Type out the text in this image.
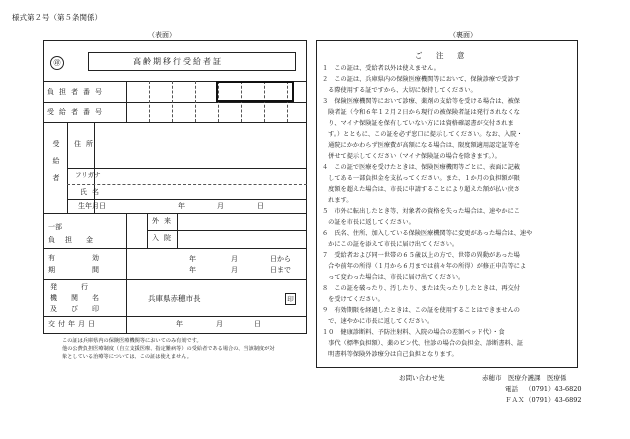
様式第２号（第５条関係）
（表面）	（裏面）
㊞	高齢期移行受給者証
負担者番号
受給者番号
受給者 住所
フリガナ
氏名
生年月日	年	月	日
一部
負担 金
外来
入院
有	効
期	間
年	月	日から
年	月	日まで
発行
機関名
及び印
兵庫県赤穂市長	印
交付年月日	年	月	日
この証は兵庫県内の保険医療機関等においてのみ有効です。
他の公費負担医療制度（自立支援医療、指定難病等）の受給者である場合の、当該制度が対
象としている治療等については、この証は使えません。
ご　注　意
１　この証は、受給者以外は使えません。
２　この証は、兵庫県内の保険医療機関等において、保険診療で受診す
　る際使用する証ですから、大切に保持してください。
３　保険医療機関等において診療、薬剤の支給等を受ける場合は、被保
　険者証（令和６年１２月２日から現行の被保険者証は発行されなくな
　り、マイナ保険証を保有していない方には資格確認書が交付されま
　す。）とともに、この証を必ず窓口に提示してください。なお、入院・
　通院にかかわらず医療費が高額になる場合は、限度額適用認定証等を
　併せて提示してください（マイナ保険証の場合を除きます。）。
４　この証で医療を受けたときは、保険医療機関等ごとに、表面に記載
　してある一部負担金を支払ってください。また、１か月の負担額が限
　度額を超えた場合は、市長に申請することにより超えた額が払い戻さ
　れます。
５　市外に転出したとき等、対象者の資格を失った場合は、速やかにこ
　の証を市長に返してください。
６　氏名、住所、加入している保険医療機関等に変更があった場合は、速や
　かにこの証を添えて市長に届け出てください。
７　受給者および同一世帯の６５歳以上の方で、世帯の異動があった場
　合や前年の所得（１月から６月までは前々年の所得）が修正申告等によ
　って変わった場合は、市長に届け出てください。
８　この証を破ったり、汚したり、または失ったりしたときは、再交付
　を受けてください。
９　有効期限を経過したときは、この証を使用することはできませんの
　で、速やかに市長に返してください。
１０　健康診断料、予防注射料、入院の場合の差額ベッド代）・食
　事代（標準負担額）、薬のビン代、往診の場合の負担金、診断書料、証
　明書料等保険外診療分は自己負担となります。
お問い合わせ先	赤穂市　医療介護課　医療係
電話 （0791）43-6820
ＦＡＸ （0791）43-6892
